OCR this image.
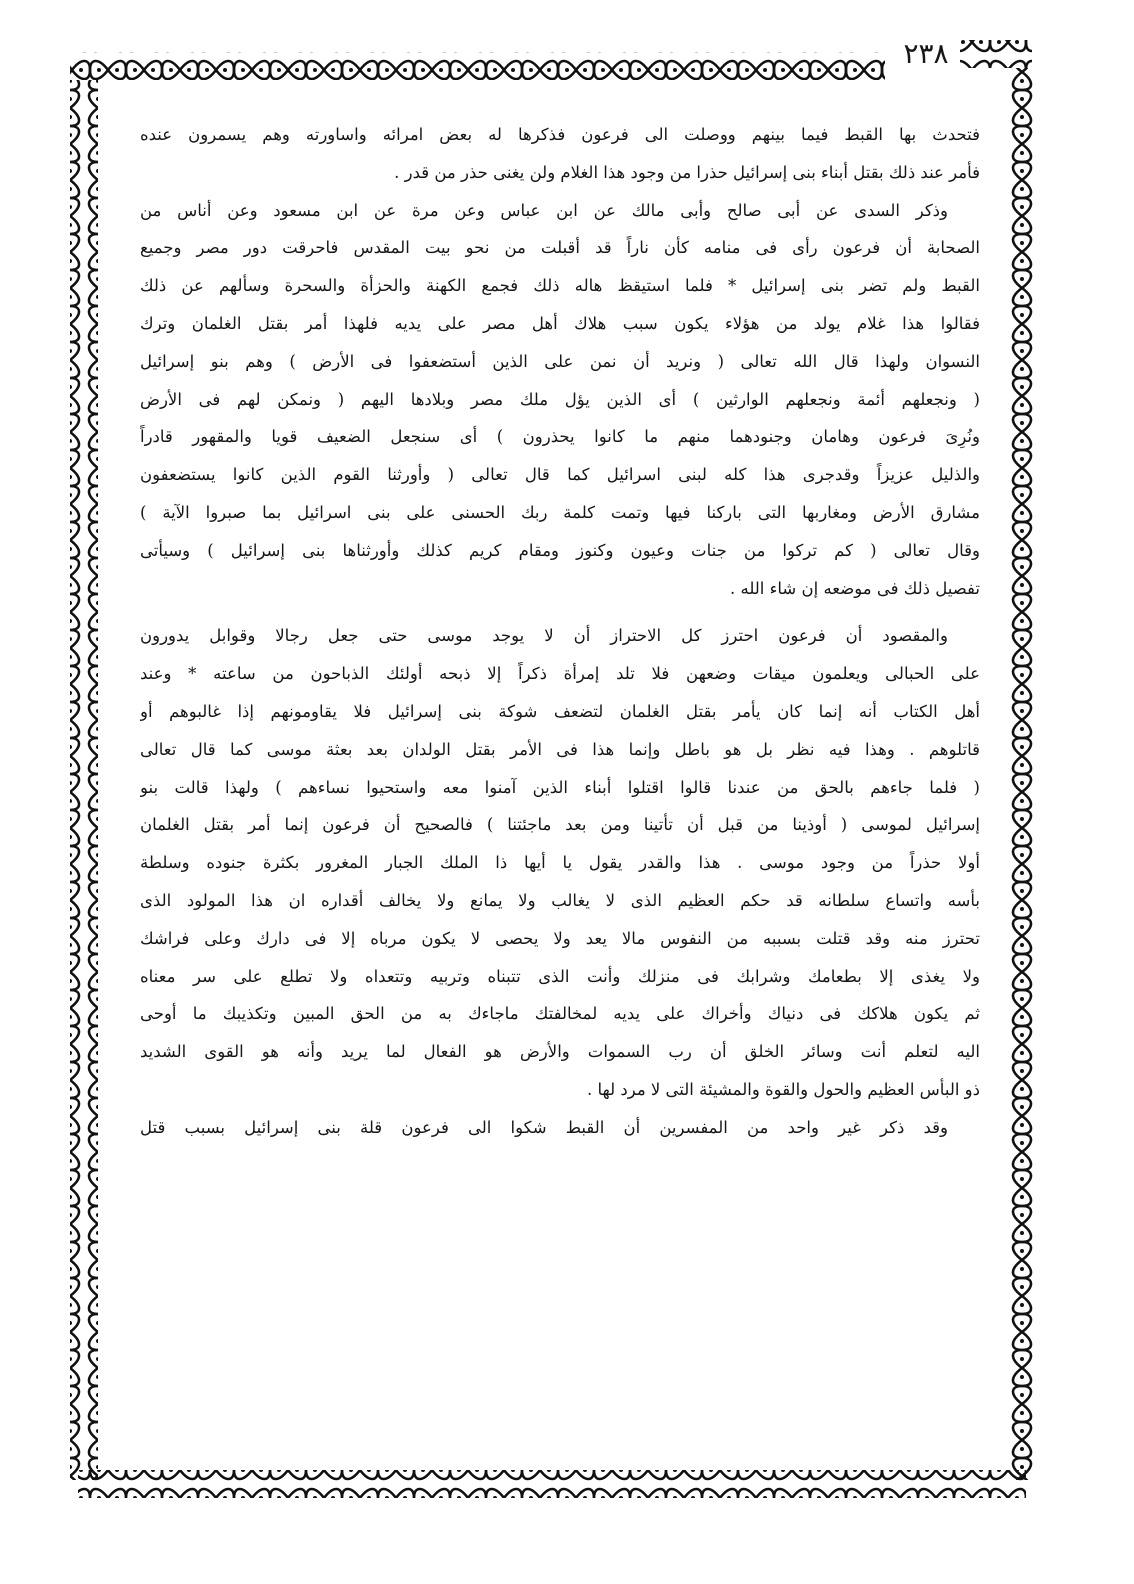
٢٣٨
فتحدث بها القبط فيما بينهم ووصلت الى فرعون فذكرها له بعض امرائه واساورته وهم يسمرون عنده
فأمر عند ذلك بقتل أبناء بنى إسرائيل حذرا من وجود هذا الغلام ولن يغنى حذر من قدر .
وذكر السدى عن أبى صالح وأبى مالك عن ابن عباس وعن مرة عن ابن مسعود وعن أناس من
الصحابة أن فرعون رأى فى منامه كأن ناراً قد أقبلت من نحو بيت المقدس فاحرقت دور مصر وجميع
القبط ولم تضر بنى إسرائيل * فلما استيقظ هاله ذلك فجمع الكهنة والحزأة والسحرة وسألهم عن ذلك
فقالوا هذا غلام يولد من هؤلاء يكون سبب هلاك أهل مصر على يديه فلهذا أمر بقتل الغلمان وترك
النسوان ولهذا قال الله تعالى ( ونريد أن نمن على الذين أستضعفوا فى الأرض ) وهم بنو إسرائيل
( ونجعلهم أئمة ونجعلهم الوارثين ) أى الذين يؤل ملك مصر وبلادها اليهم ( ونمكن لهم فى الأرض
ونُرِىَ فرعون وهامان وجنودهما منهم ما كانوا يحذرون ) أى سنجعل الضعيف قويا والمقهور قادراً
والذليل عزيزاً وقدجرى هذا كله لبنى اسرائيل كما قال تعالى ( وأورثنا القوم الذين كانوا يستضعفون
مشارق الأرض ومغاربها التى باركنا فيها وتمت كلمة ربك الحسنى على بنى اسرائيل بما صبروا الآية )
وقال تعالى ( كم تركوا من جنات وعيون وكنوز ومقام كريم كذلك وأورثناها بنى إسرائيل ) وسيأتى
تفصيل ذلك فى موضعه إن شاء الله .
والمقصود أن فرعون احترز كل الاحتراز أن لا يوجد موسى حتى جعل رجالا وقوابل يدورون
على الحبالى ويعلمون ميقات وضعهن فلا تلد إمرأة ذكراً إلا ذبحه أولئك الذباحون من ساعته * وعند
أهل الكتاب أنه إنما كان يأمر بقتل الغلمان لتضعف شوكة بنى إسرائيل فلا يقاومونهم إذا غالبوهم أو
قاتلوهم . وهذا فيه نظر بل هو باطل وإنما هذا فى الأمر بقتل الولدان بعد بعثة موسى كما قال تعالى
( فلما جاءهم بالحق من عندنا قالوا اقتلوا أبناء الذين آمنوا معه واستحيوا نساءهم ) ولهذا قالت بنو
إسرائيل لموسى ( أوذينا من قبل أن تأتينا ومن بعد ماجئتنا ) فالصحيح أن فرعون إنما أمر بقتل الغلمان
أولا حذراً من وجود موسى . هذا والقدر يقول يا أيها ذا الملك الجبار المغرور بكثرة جنوده وسلطة
بأسه واتساع سلطانه قد حكم العظيم الذى لا يغالب ولا يمانع ولا يخالف أقداره ان هذا المولود الذى
تحترز منه وقد قتلت بسببه من النفوس مالا يعد ولا يحصى لا يكون مرباه إلا فى دارك وعلى فراشك
ولا يغذى إلا بطعامك وشرابك فى منزلك وأنت الذى تتبناه وتربيه وتتعداه ولا تطلع على سر معناه
ثم يكون هلاكك فى دنياك وأخراك على يديه لمخالفتك ماجاءك به من الحق المبين وتكذيبك ما أوحى
اليه لتعلم أنت وسائر الخلق أن رب السموات والأرض هو الفعال لما يريد وأنه هو القوى الشديد
ذو البأس العظيم والحول والقوة والمشيئة التى لا مرد لها .
وقد ذكر غير واحد من المفسرين أن القبط شكوا الى فرعون قلة بنى إسرائيل بسبب قتل
